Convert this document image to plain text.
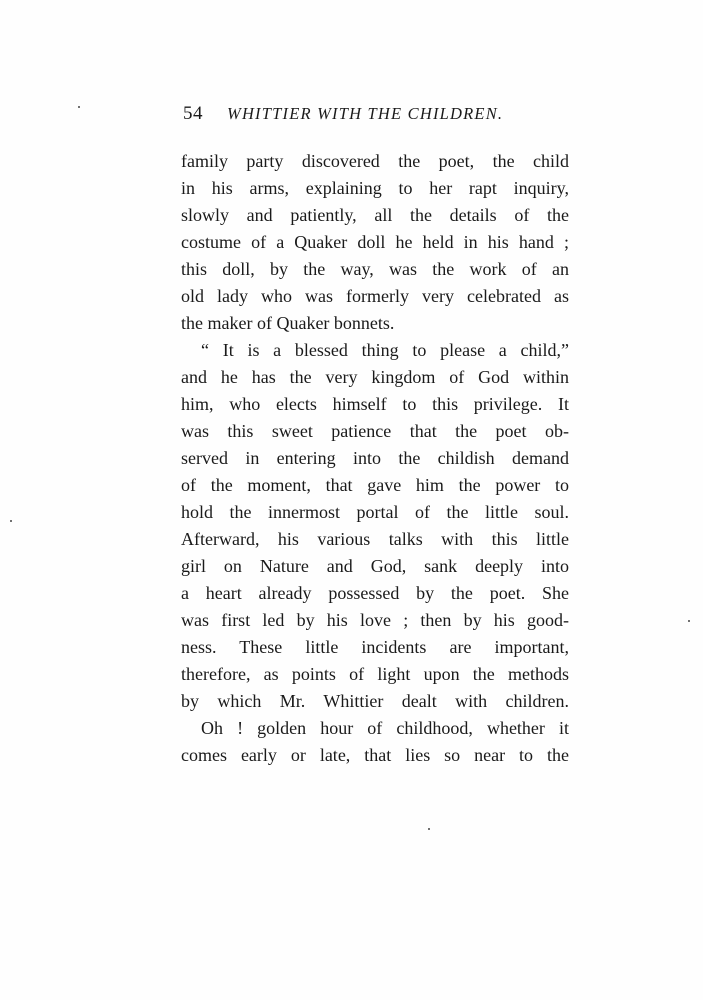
54 WHITTIER WITH THE CHILDREN.
family party discovered the poet, the child
in his arms, explaining to her rapt inquiry,
slowly and patiently, all the details of the
costume of a Quaker doll he held in his hand ;
this doll, by the way, was the work of an
old lady who was formerly very celebrated as
the maker of Quaker bonnets.
“ It is a blessed thing to please a child,”
and he has the very kingdom of God within
him, who elects himself to this privilege. It
was this sweet patience that the poet ob-
served in entering into the childish demand
of the moment, that gave him the power to
hold the innermost portal of the little soul.
Afterward, his various talks with this little
girl on Nature and God, sank deeply into
a heart already possessed by the poet. She
was first led by his love ; then by his good-
ness. These little incidents are important,
therefore, as points of light upon the methods
by which Mr. Whittier dealt with children.
Oh ! golden hour of childhood, whether it
comes early or late, that lies so near to the
